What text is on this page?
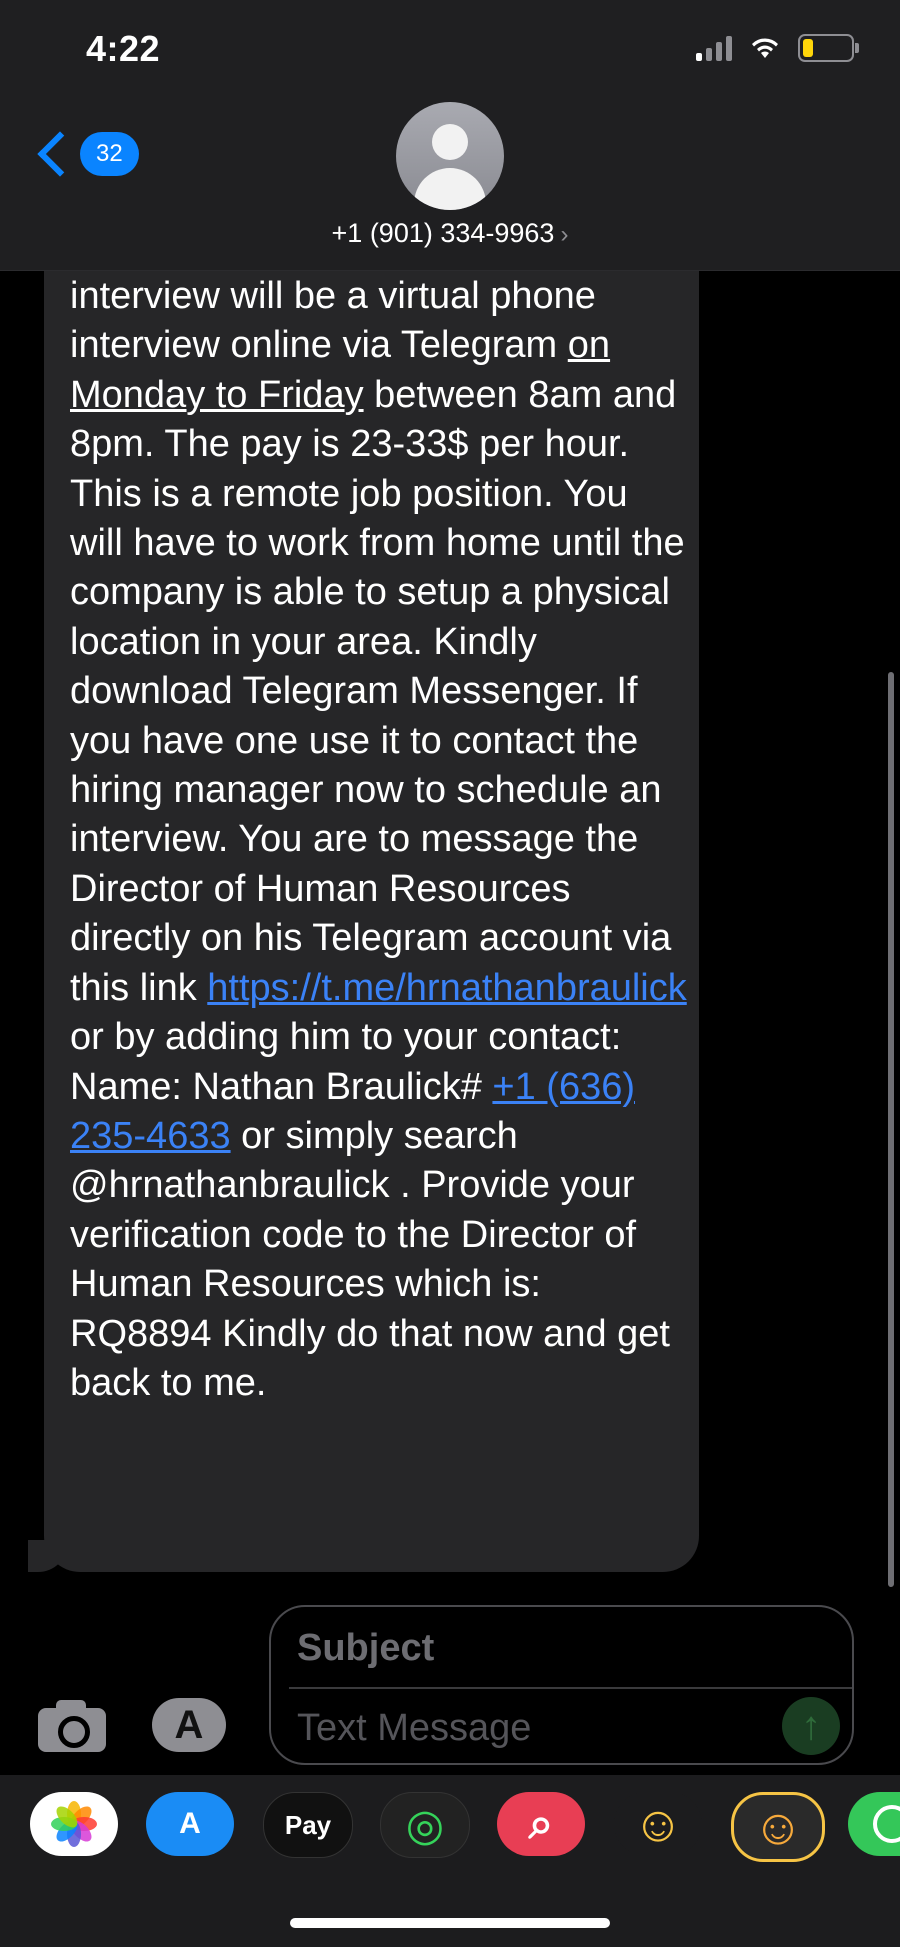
4:22
32
+1 (901) 334-9963 ›
interview will be a virtual phone interview online via Telegram on Monday to Friday between 8am and 8pm. The pay is 23-33$ per hour. This is a remote job position. You will have to work from home until the company is able to setup a physical location in your area. Kindly download Telegram Messenger. If you have one use it to contact the hiring manager now to schedule an interview. You are to message the Director of Human Resources directly on his Telegram account via this link https://t.me/hrnathanbraulick or by adding him to your contact: Name: Nathan Braulick# +1 (636) 235-4633 or simply search @hrnathanbraulick . Provide your verification code to the Director of Human Resources which is: RQ8894 Kindly do that now and get back to me.
A
Subject
Text Message	↑
A	Pay ◎ ⌕ ☺ ☺
